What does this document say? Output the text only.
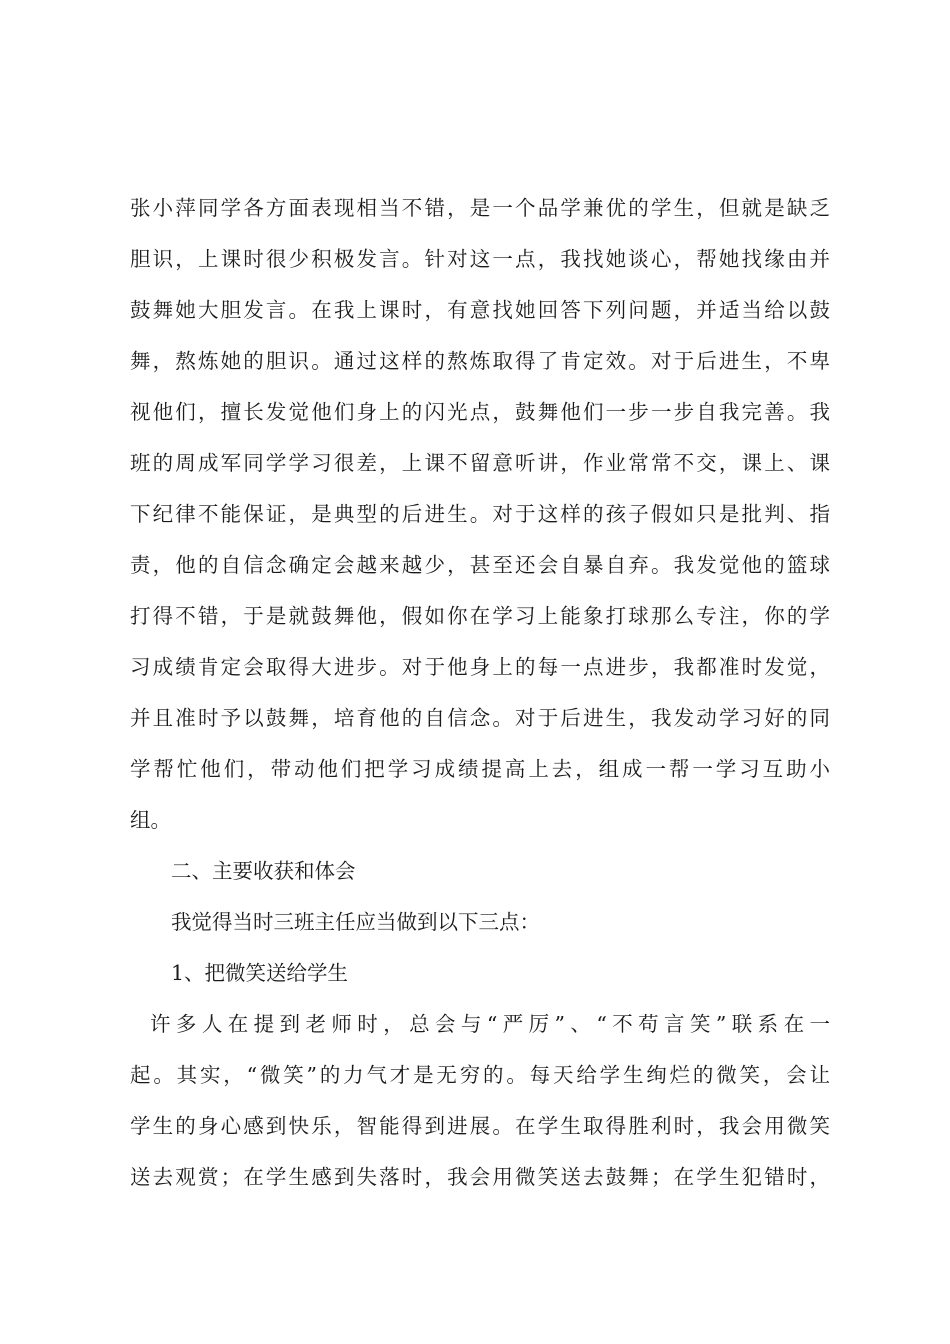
张小萍同学各方面表现相当不错，是一个品学兼优的学生，但就是缺乏
胆识，上课时很少积极发言。针对这一点，我找她谈心，帮她找缘由并
鼓舞她大胆发言。在我上课时，有意找她回答下列问题，并适当给以鼓
舞，熬炼她的胆识。通过这样的熬炼取得了肯定效。对于后进生，不卑
视他们，擅长发觉他们身上的闪光点，鼓舞他们一步一步自我完善。我
班的周成军同学学习很差，上课不留意听讲，作业常常不交，课上、课
下纪律不能保证，是典型的后进生。对于这样的孩子假如只是批判、指
责，他的自信念确定会越来越少，甚至还会自暴自弃。我发觉他的篮球
打得不错，于是就鼓舞他，假如你在学习上能象打球那么专注，你的学
习成绩肯定会取得大进步。对于他身上的每一点进步，我都准时发觉，
并且准时予以鼓舞，培育他的自信念。对于后进生，我发动学习好的同
学帮忙他们，带动他们把学习成绩提高上去，组成一帮一学习互助小
组。
二、主要收获和体会
我觉得当时三班主任应当做到以下三点：
1、把微笑送给学生
许多人在提到老师时，总会与“严厉”、“不苟言笑”联系在一
起。其实，“微笑”的力气才是无穷的。每天给学生绚烂的微笑，会让
学生的身心感到快乐，智能得到进展。在学生取得胜利时，我会用微笑
送去观赏；在学生感到失落时，我会用微笑送去鼓舞；在学生犯错时，
